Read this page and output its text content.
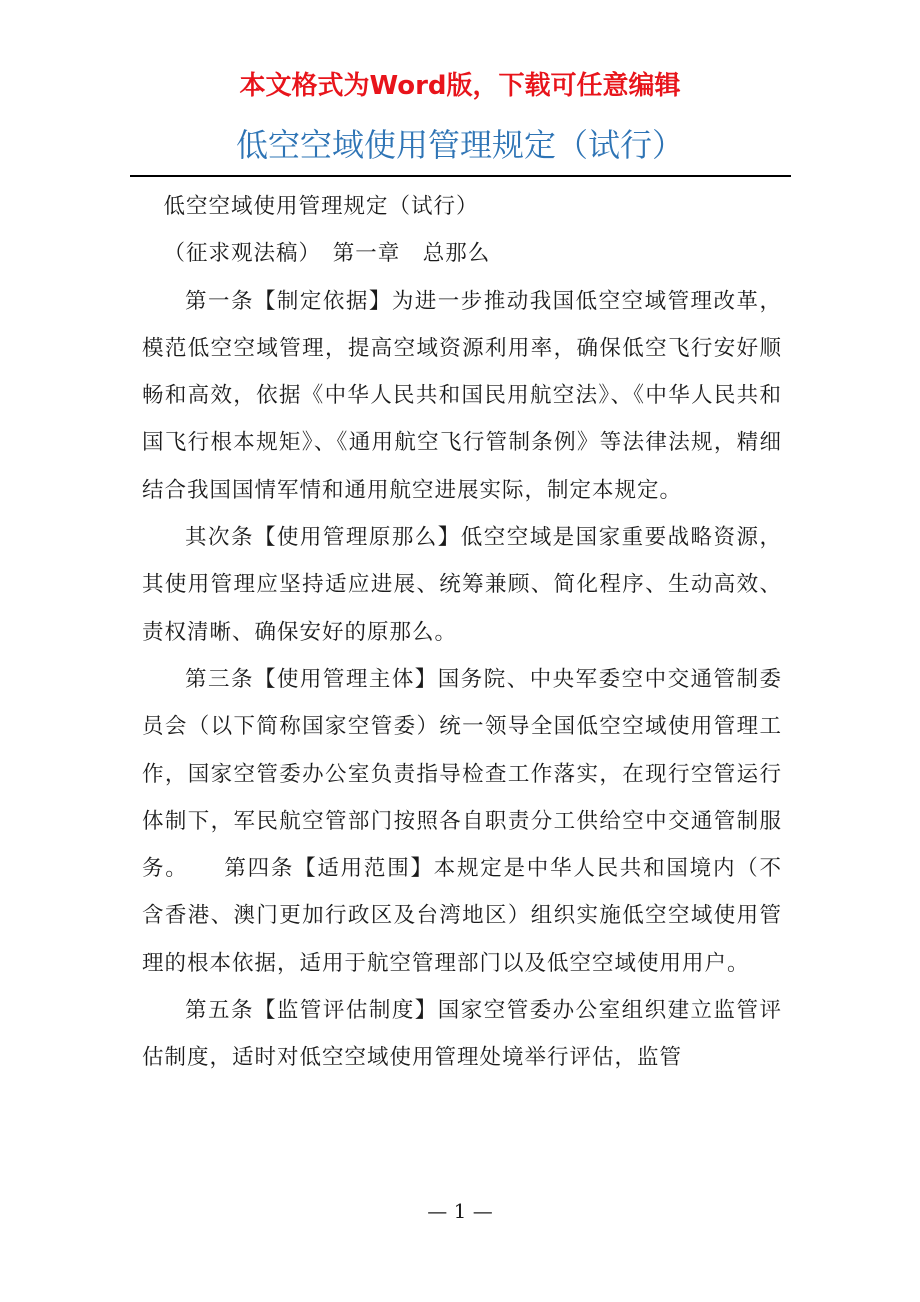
本文格式为Word版，下载可任意编辑
低空空域使用管理规定（试行）

低空空域使用管理规定（试行）

（征求观法稿）　第一章　总那么

第一条【制定依据】为进一步推动我国低空空域管理改革，模范低空空域管理，提高空域资源利用率，确保低空飞行安好顺畅和高效，依据《中华人民共和国民用航空法》、《中华人民共和国飞行根本规矩》、《通用航空飞行管制条例》等法律法规，精细结合我国国情军情和通用航空进展实际，制定本规定。

其次条【使用管理原那么】低空空域是国家重要战略资源，其使用管理应坚持适应进展、统筹兼顾、简化程序、生动高效、责权清晰、确保安好的原那么。

第三条【使用管理主体】国务院、中央军委空中交通管制委员会（以下简称国家空管委）统一领导全国低空空域使用管理工作，国家空管委办公室负责指导检查工作落实，在现行空管运行体制下，军民航空管部门按照各自职责分工供给空中交通管制服务。　　第四条【适用范围】本规定是中华人民共和国境内（不含香港、澳门更加行政区及台湾地区）组织实施低空空域使用管理的根本依据，适用于航空管理部门以及低空空域使用用户。

第五条【监管评估制度】国家空管委办公室组织建立监管评估制度，适时对低空空域使用管理处境举行评估，监管

— 1 —
